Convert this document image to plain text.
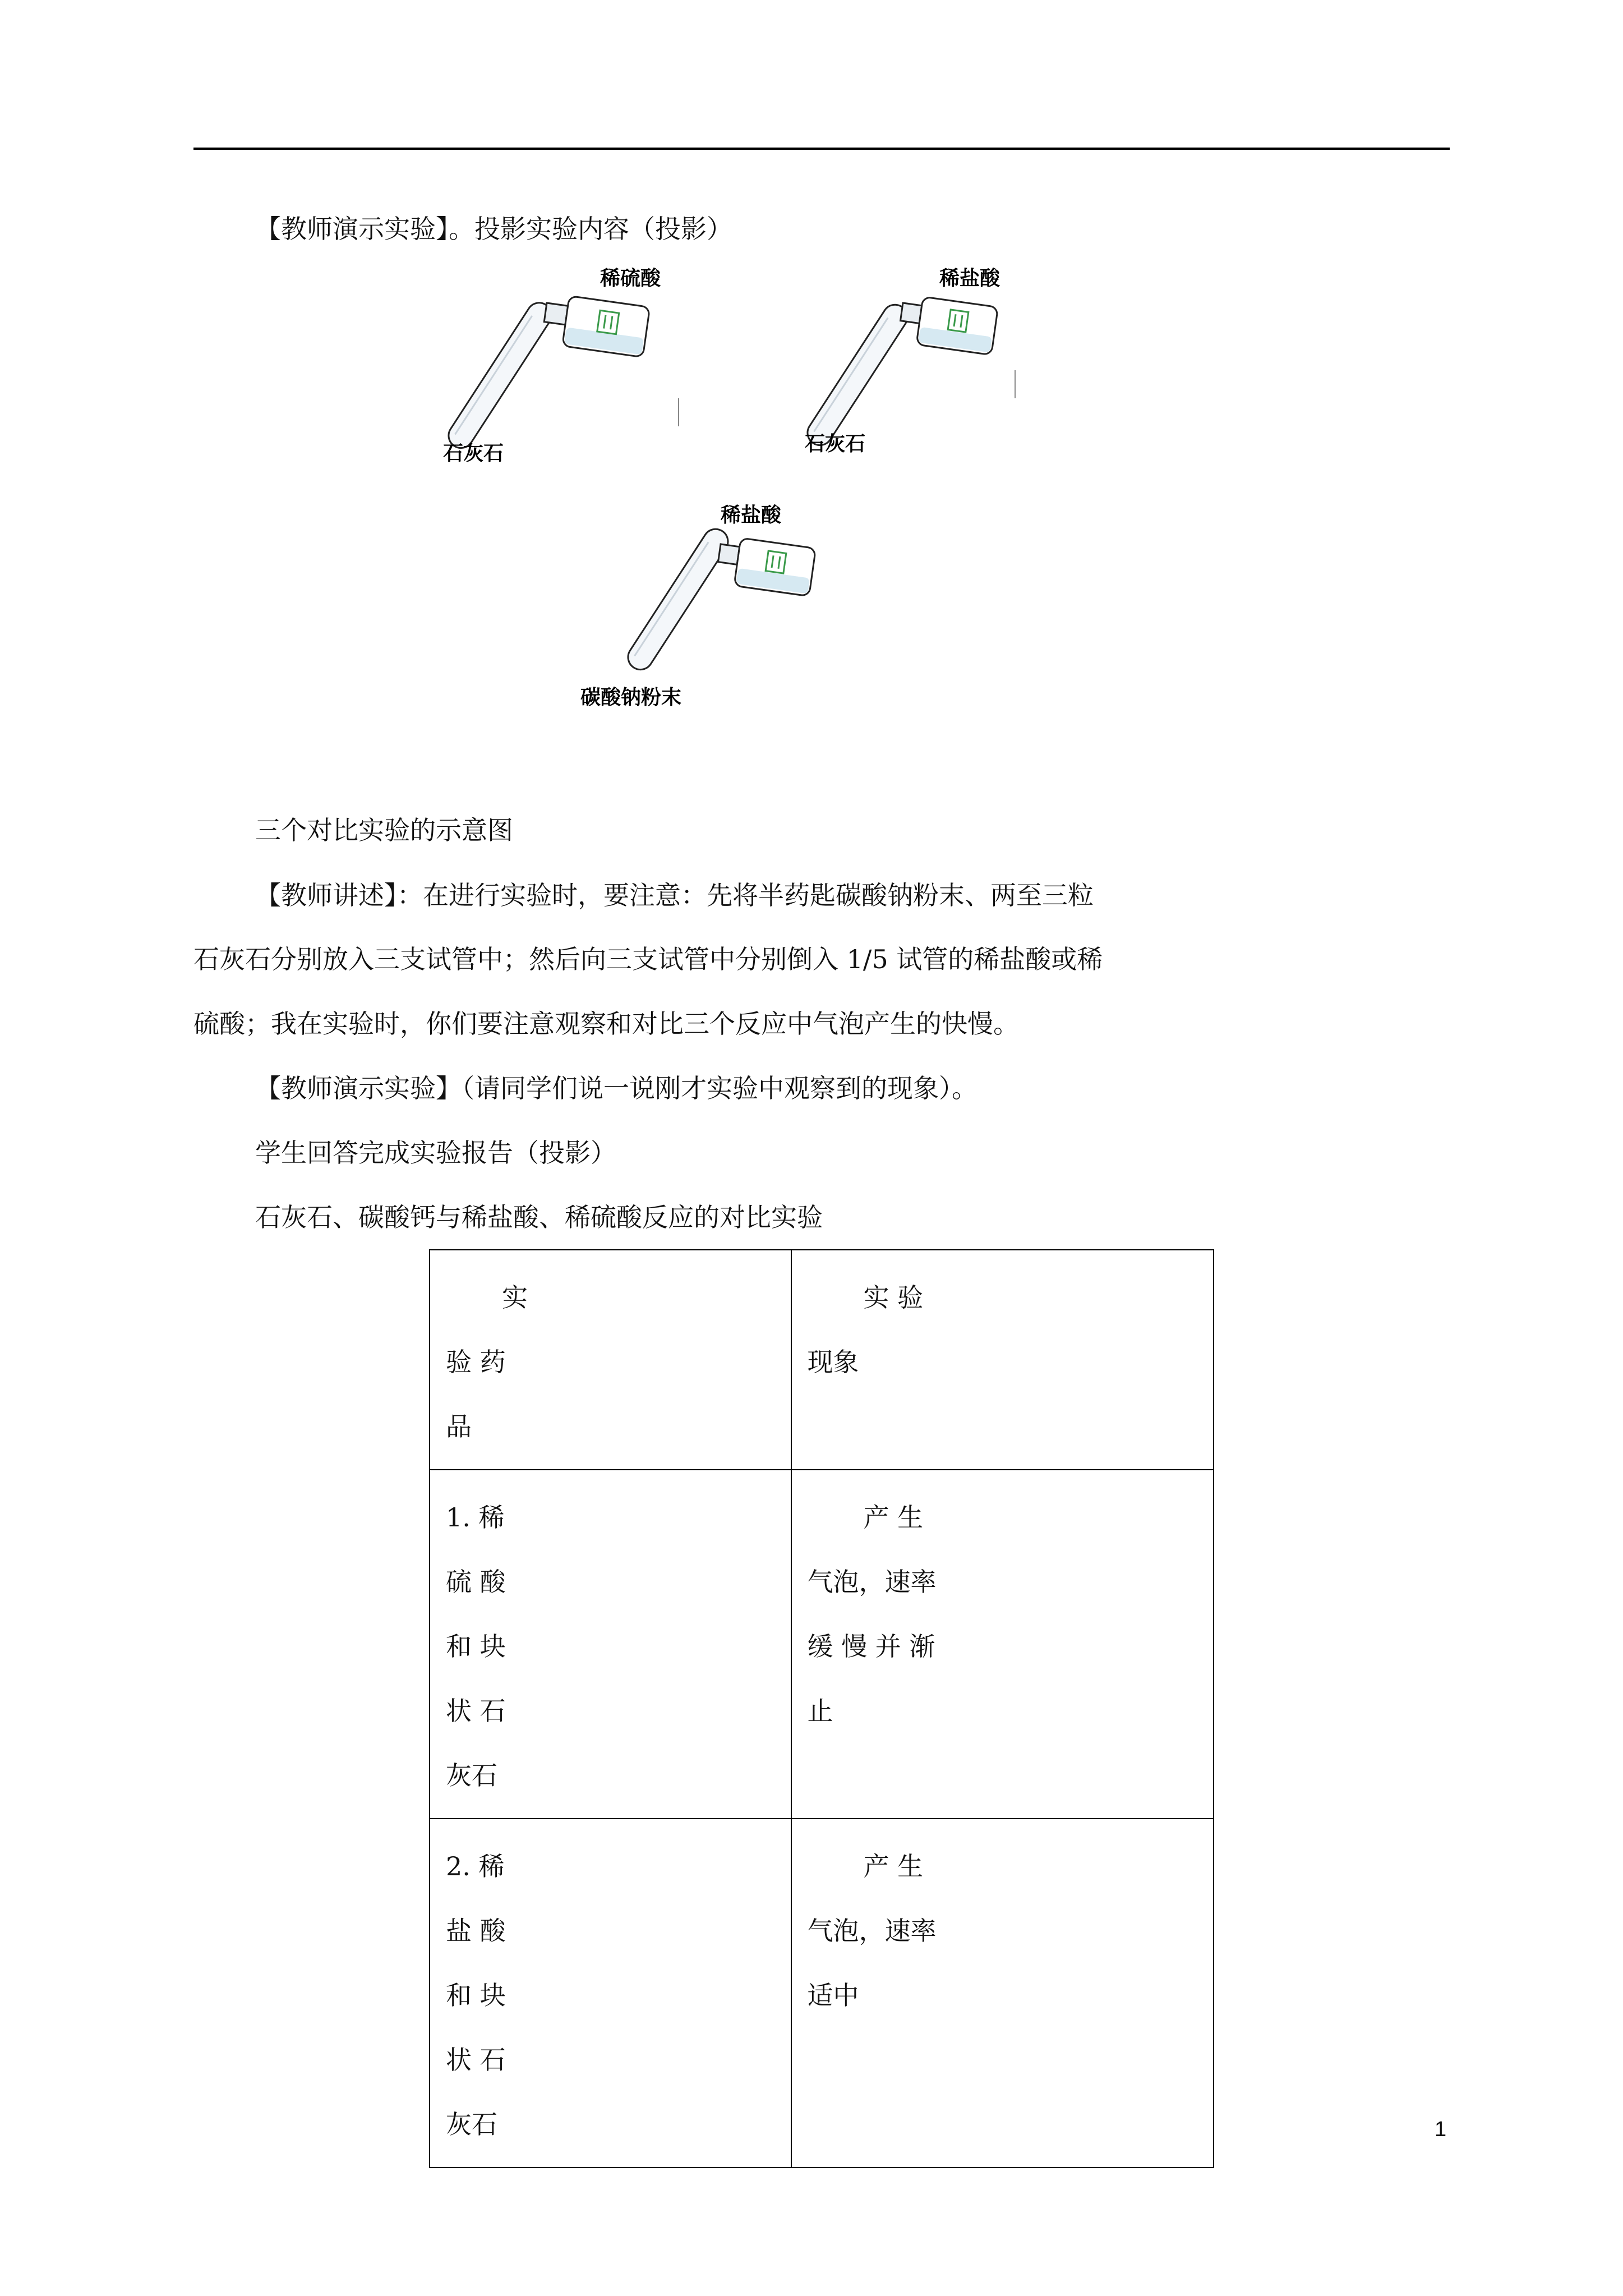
【教师演示实验】。投影实验内容（投影）
稀硫酸
石灰石
稀盐酸
石灰石
稀盐酸
碳酸钠粉末
三个对比实验的示意图
【教师讲述】：在进行实验时，要注意：先将半药匙碳酸钠粉末、两至三粒
石灰石分别放入三支试管中；然后向三支试管中分别倒入 1/5 试管的稀盐酸或稀
硫酸；我在实验时，你们要注意观察和对比三个反应中气泡产生的快慢。
【教师演示实验】（请同学们说一说刚才实验中观察到的现象）。
学生回答完成实验报告（投影）
石灰石、碳酸钙与稀盐酸、稀硫酸反应的对比实验
实
验 药
品	实 验
现象

1. 稀
硫 酸
和 块
状 石
灰石	产 生
气泡，速率
缓 慢 并 渐
止

2. 稀
盐 酸
和 块
状 石
灰石	产 生
气泡，速率
适中
1
